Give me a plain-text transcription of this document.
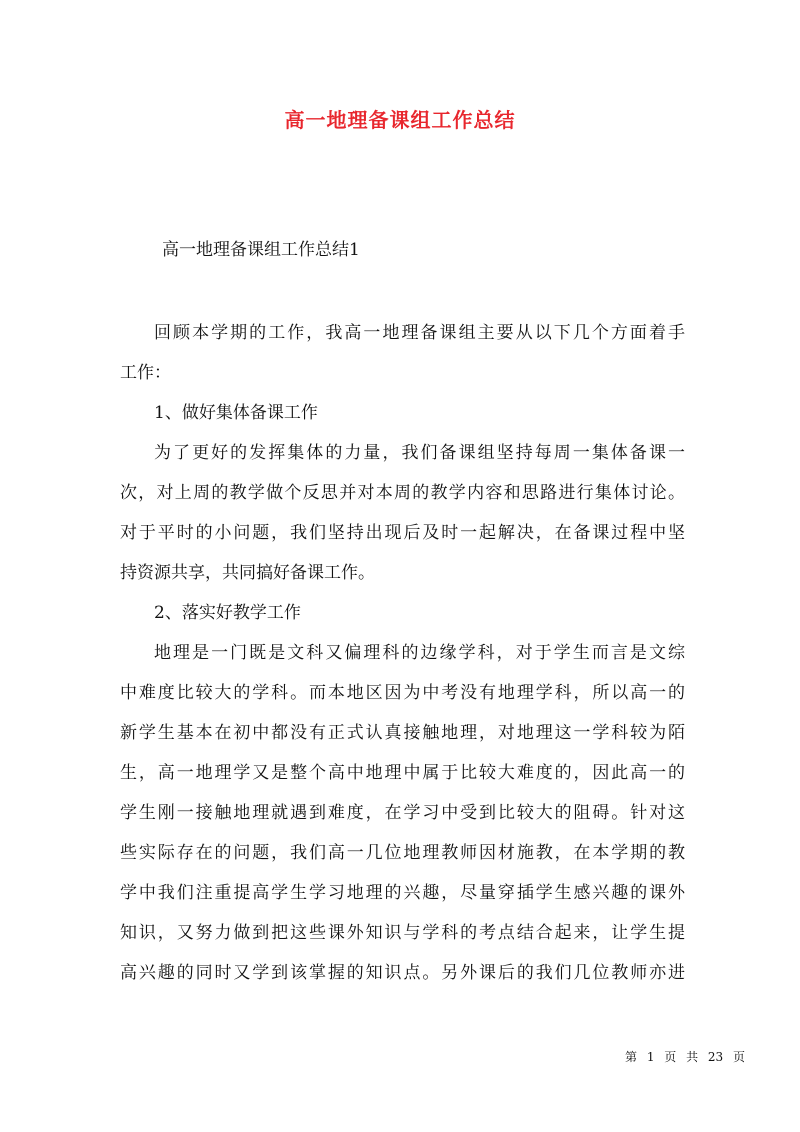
高一地理备课组工作总结
高一地理备课组工作总结1

回顾本学期的工作，我高一地理备课组主要从以下几个方面着手
工作：

1、做好集体备课工作

为了更好的发挥集体的力量，我们备课组坚持每周一集体备课一
次，对上周的教学做个反思并对本周的教学内容和思路进行集体讨论。
对于平时的小问题，我们坚持出现后及时一起解决，在备课过程中坚
持资源共享，共同搞好备课工作。

2、落实好教学工作

地理是一门既是文科又偏理科的边缘学科，对于学生而言是文综
中难度比较大的学科。而本地区因为中考没有地理学科，所以高一的
新学生基本在初中都没有正式认真接触地理，对地理这一学科较为陌
生，高一地理学又是整个高中地理中属于比较大难度的，因此高一的
学生刚一接触地理就遇到难度，在学习中受到比较大的阻碍。针对这
些实际存在的问题，我们高一几位地理教师因材施教，在本学期的教
学中我们注重提高学生学习地理的兴趣，尽量穿插学生感兴趣的课外
知识，又努力做到把这些课外知识与学科的考点结合起来，让学生提
高兴趣的同时又学到该掌握的知识点。另外课后的我们几位教师亦进

第 1 页 共 23 页
